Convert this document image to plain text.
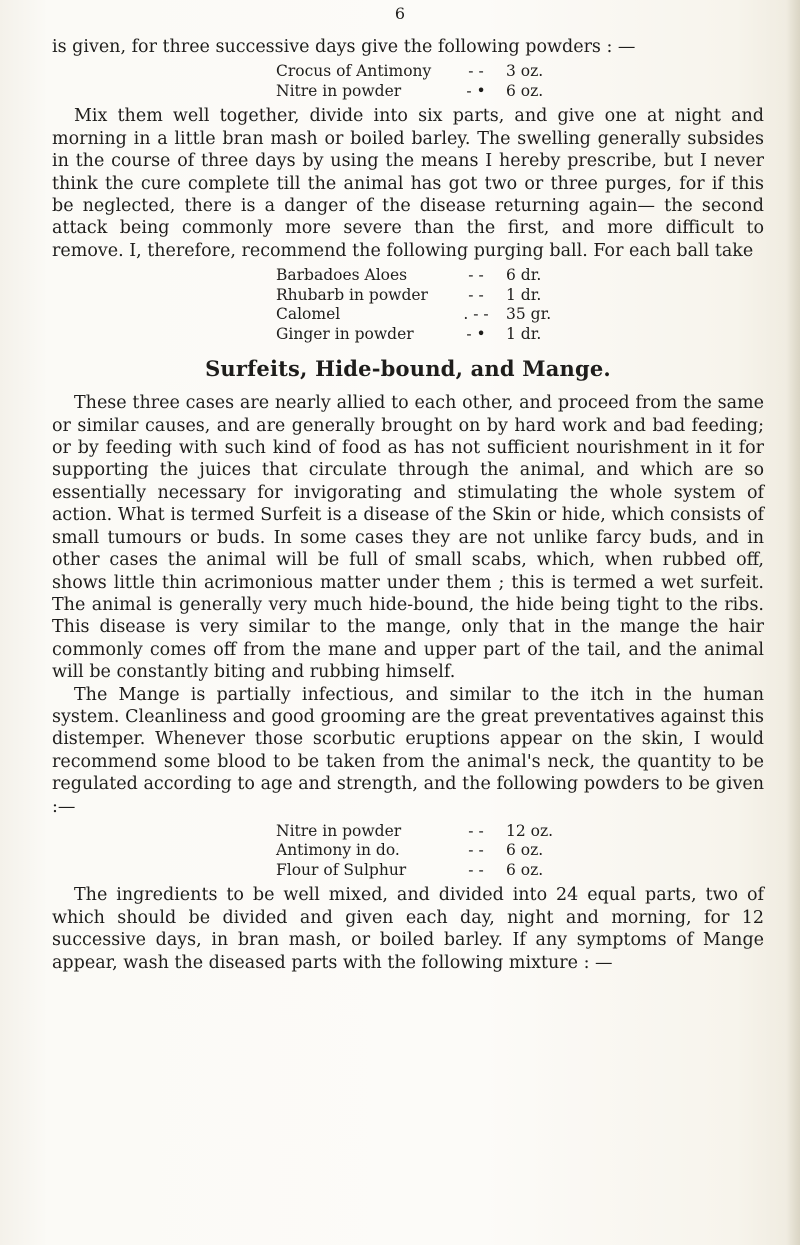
6

is given, for three successive days give the following powders : —

Crocus of Antimony	- -	3 oz.
Nitre in powder	- •	6 oz.

Mix them well together, divide into six parts, and give one at night and morning in a little bran mash or boiled barley. The swelling generally subsides in the course of three days by using the means I hereby prescribe, but I never think the cure complete till the animal has got two or three purges, for if this be neglected, there is a danger of the disease returning again— the second attack being commonly more severe than the first, and more difficult to remove. I, therefore, recommend the following purging ball. For each ball take

Barbadoes Aloes	- -	6 dr.
Rhubarb in powder	- -	1 dr.
Calomel	. - -	35 gr.
Ginger in powder	- •	1 dr.
Surfeits, Hide-bound, and Mange.

These three cases are nearly allied to each other, and proceed from the same or similar causes, and are generally brought on by hard work and bad feeding; or by feeding with such kind of food as has not sufficient nourishment in it for supporting the juices that circulate through the animal, and which are so essentially necessary for invigorating and stimulating the whole system of action. What is termed Surfeit is a disease of the Skin or hide, which consists of small tumours or buds. In some cases they are not unlike farcy buds, and in other cases the animal will be full of small scabs, which, when rubbed off, shows little thin acrimonious matter under them ; this is termed a wet surfeit. The animal is generally very much hide-bound, the hide being tight to the ribs. This disease is very similar to the mange, only that in the mange the hair commonly comes off from the mane and upper part of the tail, and the animal will be constantly biting and rubbing himself.

The Mange is partially infectious, and similar to the itch in the human system. Cleanliness and good grooming are the great preventatives against this distemper. Whenever those scorbutic eruptions appear on the skin, I would recommend some blood to be taken from the animal's neck, the quantity to be regulated according to age and strength, and the following powders to be given :—

Nitre in powder	- -	12 oz.
Antimony in do.	- -	6 oz.
Flour of Sulphur	- -	6 oz.

The ingredients to be well mixed, and divided into 24 equal parts, two of which should be divided and given each day, night and morning, for 12 successive days, in bran mash, or boiled barley. If any symptoms of Mange appear, wash the diseased parts with the following mixture : —
